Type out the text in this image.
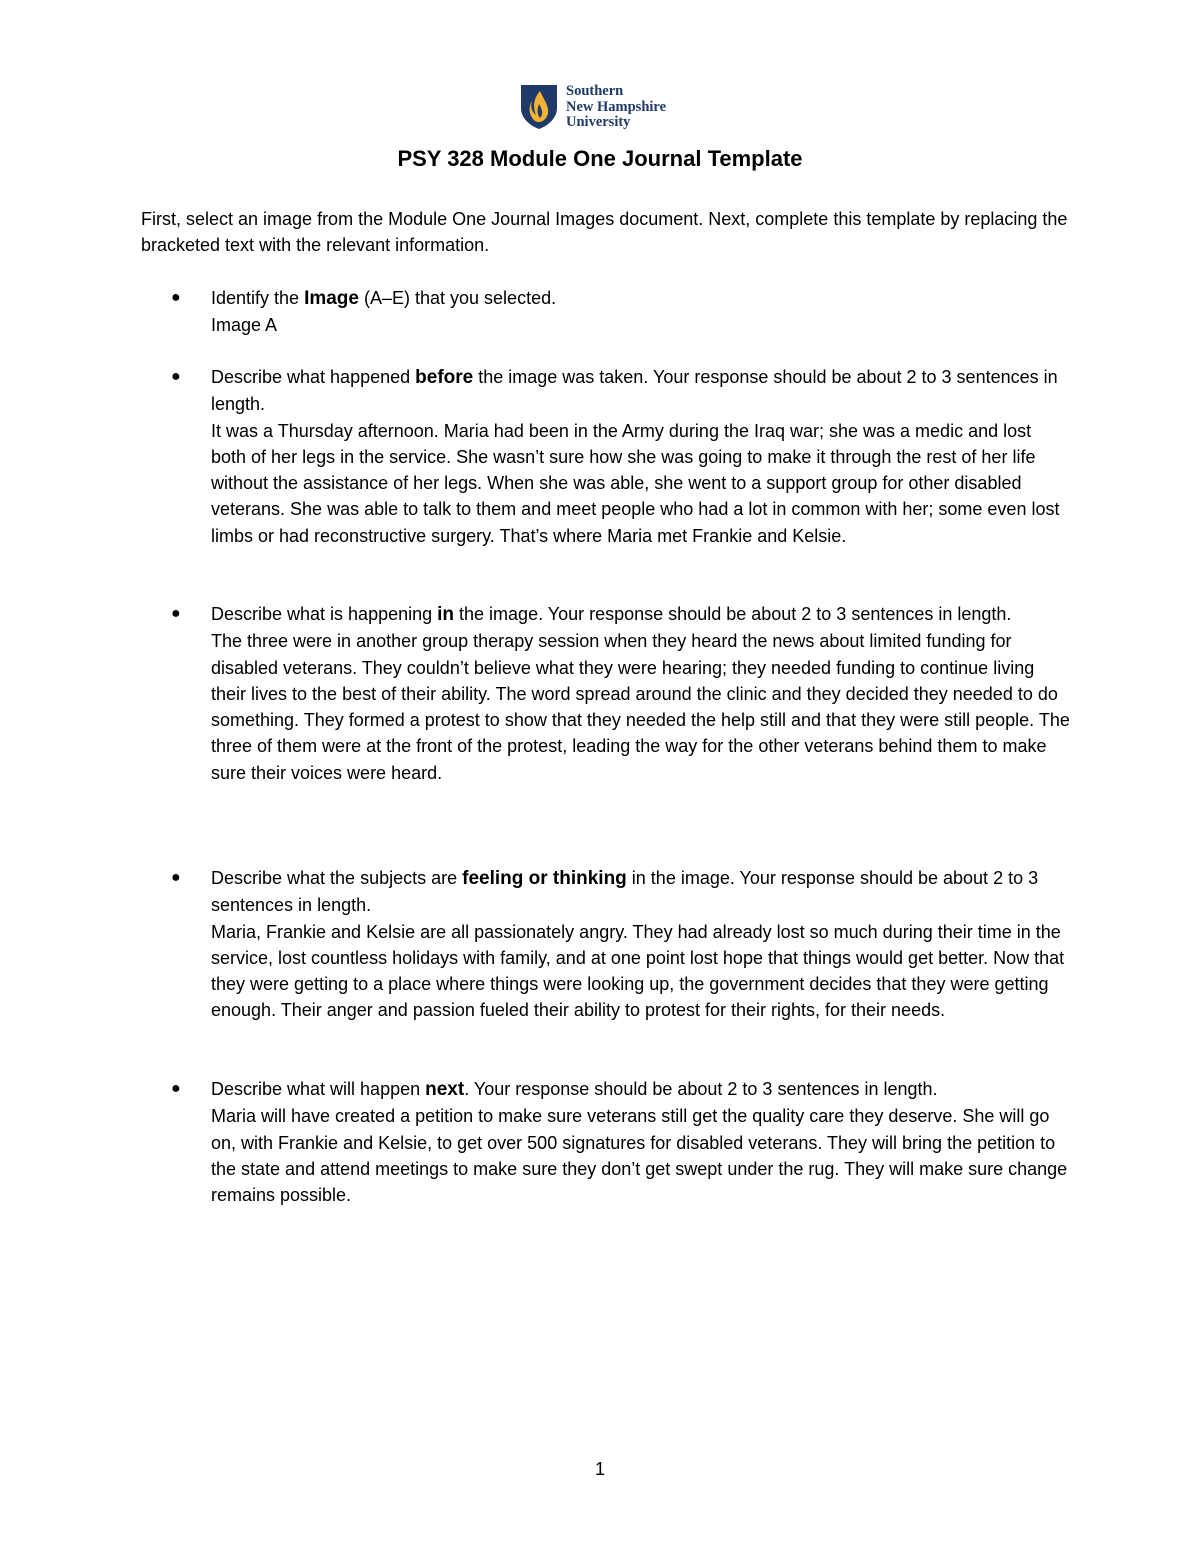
Southern
New Hampshire
University
PSY 328 Module One Journal Template

First, select an image from the Module One Journal Images document. Next, complete this template by replacing the bracketed text with the relevant information.

● Identify the Image (A–E) that you selected.

Image A

● Describe what happened before the image was taken. Your response should be about 2 to 3 sentences in length.

It was a Thursday afternoon. Maria had been in the Army during the Iraq war; she was a medic and lost both of her legs in the service. She wasn’t sure how she was going to make it through the rest of her life without the assistance of her legs. When she was able, she went to a support group for other disabled veterans. She was able to talk to them and meet people who had a lot in common with her; some even lost limbs or had reconstructive surgery. That’s where Maria met Frankie and Kelsie.

● Describe what is happening in the image. Your response should be about 2 to 3 sentences in length.

The three were in another group therapy session when they heard the news about limited funding for disabled veterans. They couldn’t believe what they were hearing; they needed funding to continue living their lives to the best of their ability. The word spread around the clinic and they decided they needed to do something. They formed a protest to show that they needed the help still and that they were still people. The three of them were at the front of the protest, leading the way for the other veterans behind them to make sure their voices were heard.

● Describe what the subjects are feeling or thinking in the image. Your response should be about 2 to 3 sentences in length.

Maria, Frankie and Kelsie are all passionately angry. They had already lost so much during their time in the service, lost countless holidays with family, and at one point lost hope that things would get better. Now that they were getting to a place where things were looking up, the government decides that they were getting enough. Their anger and passion fueled their ability to protest for their rights, for their needs.

● Describe what will happen next. Your response should be about 2 to 3 sentences in length.

Maria will have created a petition to make sure veterans still get the quality care they deserve. She will go on, with Frankie and Kelsie, to get over 500 signatures for disabled veterans. They will bring the petition to the state and attend meetings to make sure they don’t get swept under the rug. They will make sure change remains possible.

1
